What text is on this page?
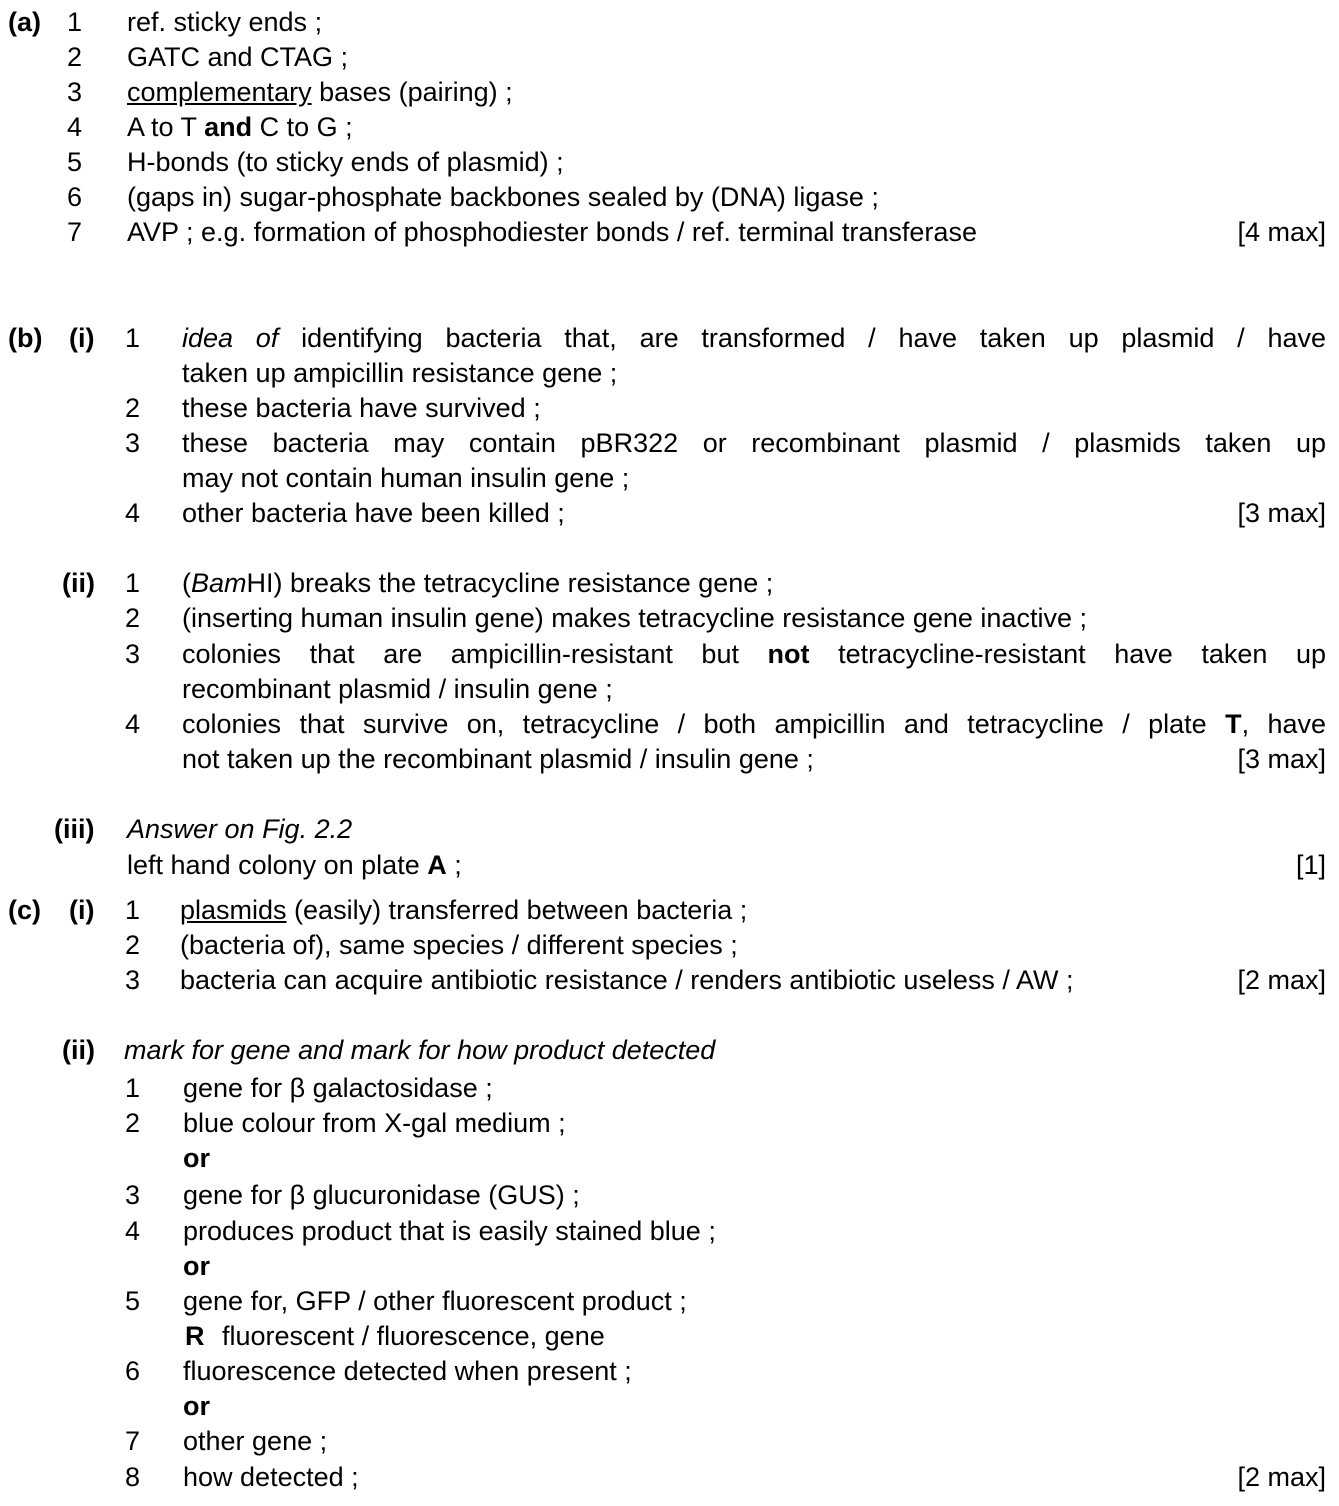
(a) 1 ref. sticky ends ;
2 GATC and CTAG ;
3 complementary bases (pairing) ;
4 A to T and C to G ;
5 H-bonds (to sticky ends of plasmid) ;
6 (gaps in) sugar-phosphate backbones sealed by (DNA) ligase ;
7 AVP ; e.g. formation of phosphodiester bonds / ref. terminal transferase	[4 max]
(b) (i) 1 idea of identifying bacteria that, are transformed / have taken up plasmid / have
taken up ampicillin resistance gene ;
2 these bacteria have survived ;
3 these bacteria may contain pBR322 or recombinant plasmid / plasmids taken up
may not contain human insulin gene ;
4 other bacteria have been killed ;	[3 max]
(ii) 1 (BamHI) breaks the tetracycline resistance gene ;
2 (inserting human insulin gene) makes tetracycline resistance gene inactive ;
3 colonies that are ampicillin-resistant but not tetracycline-resistant have taken up
recombinant plasmid / insulin gene ;
4 colonies that survive on, tetracycline / both ampicillin and tetracycline / plate T, have
not taken up the recombinant plasmid / insulin gene ;	[3 max]
(iii) Answer on Fig. 2.2
left hand colony on plate A ;	[1]
(c) (i) 1 plasmids (easily) transferred between bacteria ;
2 (bacteria of), same species / different species ;
3 bacteria can acquire antibiotic resistance / renders antibiotic useless / AW ;	[2 max]
(ii) mark for gene and mark for how product detected
1 gene for β galactosidase ;
2 blue colour from X-gal medium ;
or
3 gene for β glucuronidase (GUS) ;
4 produces product that is easily stained blue ;
or
5 gene for, GFP / other fluorescent product ;
R fluorescent / fluorescence, gene
6 fluorescence detected when present ;
or
7 other gene ;
8 how detected ;	[2 max]
